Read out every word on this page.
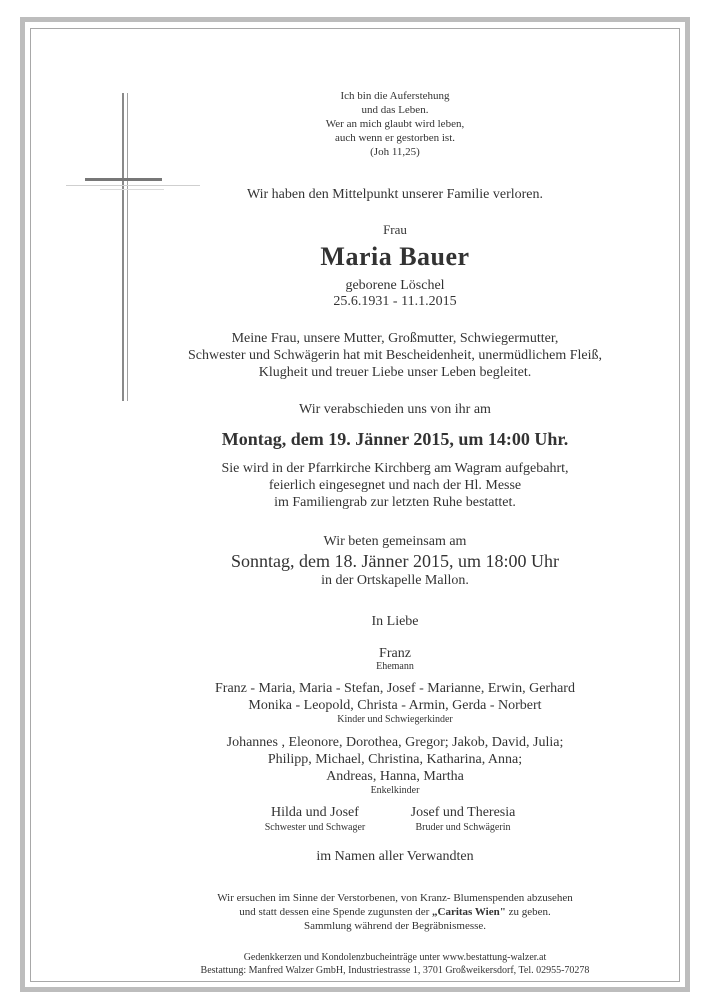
Ich bin die Auferstehung
und das Leben.
Wer an mich glaubt wird leben,
auch wenn er gestorben ist.
(Joh 11,25)
Wir haben den Mittelpunkt unserer Familie verloren.
Frau
Maria Bauer
geborene Löschel
25.6.1931 - 11.1.2015
Meine Frau, unsere Mutter, Großmutter, Schwiegermutter,
Schwester und Schwägerin hat mit Bescheidenheit, unermüdlichem Fleiß,
Klugheit und treuer Liebe unser Leben begleitet.
Wir verabschieden uns von ihr am
Montag, dem 19. Jänner 2015, um 14:00 Uhr.
Sie wird in der Pfarrkirche Kirchberg am Wagram aufgebahrt,
feierlich eingesegnet und nach der Hl. Messe
im Familiengrab zur letzten Ruhe bestattet.
Wir beten gemeinsam am
Sonntag, dem 18. Jänner 2015, um 18:00 Uhr
in der Ortskapelle Mallon.
In Liebe
Franz
Ehemann
Franz - Maria, Maria - Stefan, Josef - Marianne, Erwin, Gerhard
Monika - Leopold, Christa - Armin, Gerda - Norbert
Kinder und Schwiegerkinder
Johannes , Eleonore, Dorothea, Gregor; Jakob, David, Julia;
Philipp, Michael, Christina, Katharina, Anna;
Andreas, Hanna, Martha
Enkelkinder
Hilda und Josef
Schwester und Schwager
Josef und Theresia
Bruder und Schwägerin
im Namen aller Verwandten
Wir ersuchen im Sinne der Verstorbenen, von Kranz- Blumenspenden abzusehen
und statt dessen eine Spende zugunsten der „Caritas Wien" zu geben.
Sammlung während der Begräbnismesse.
Gedenkkerzen und Kondolenzbucheinträge unter www.bestattung-walzer.at
Bestattung: Manfred Walzer GmbH, Industriestrasse 1, 3701 Großweikersdorf, Tel. 02955-70278
